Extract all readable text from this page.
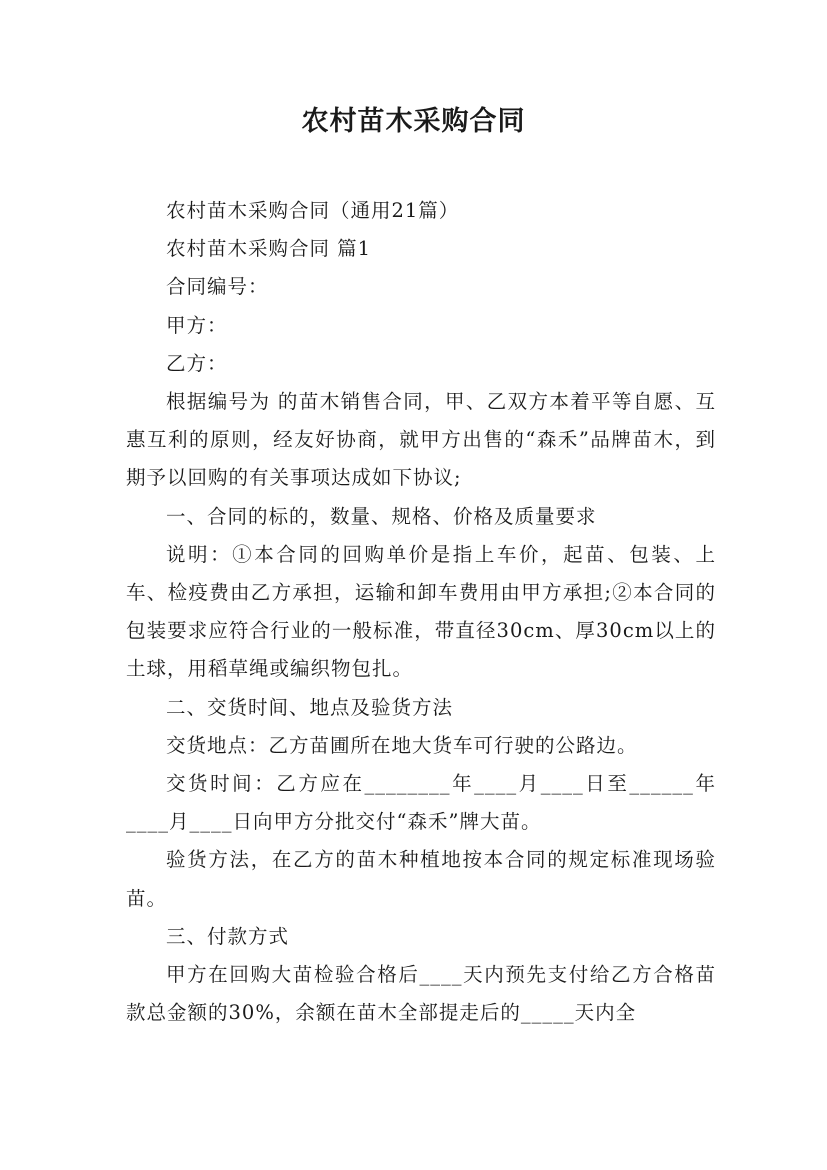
农村苗木采购合同

农村苗木采购合同（通用21篇）

农村苗木采购合同 篇1

合同编号：

甲方：

乙方：

根据编号为 的苗木销售合同，甲、乙双方本着平等自愿、互惠互利的原则，经友好协商，就甲方出售的“森禾”品牌苗木，到期予以回购的有关事项达成如下协议;

一、合同的标的，数量、规格、价格及质量要求

说明：①本合同的回购单价是指上车价，起苗、包装、上车、检疫费由乙方承担，运输和卸车费用由甲方承担;②本合同的包装要求应符合行业的一般标准，带直径30cm、厚30cm以上的土球，用稻草绳或编织物包扎。

二、交货时间、地点及验货方法

交货地点：乙方苗圃所在地大货车可行驶的公路边。

交货时间：乙方应在________年____月____日至______年____月____日向甲方分批交付“森禾”牌大苗。

验货方法，在乙方的苗木种植地按本合同的规定标准现场验苗。

三、付款方式

甲方在回购大苗检验合格后____天内预先支付给乙方合格苗款总金额的30%，余额在苗木全部提走后的_____天内全
